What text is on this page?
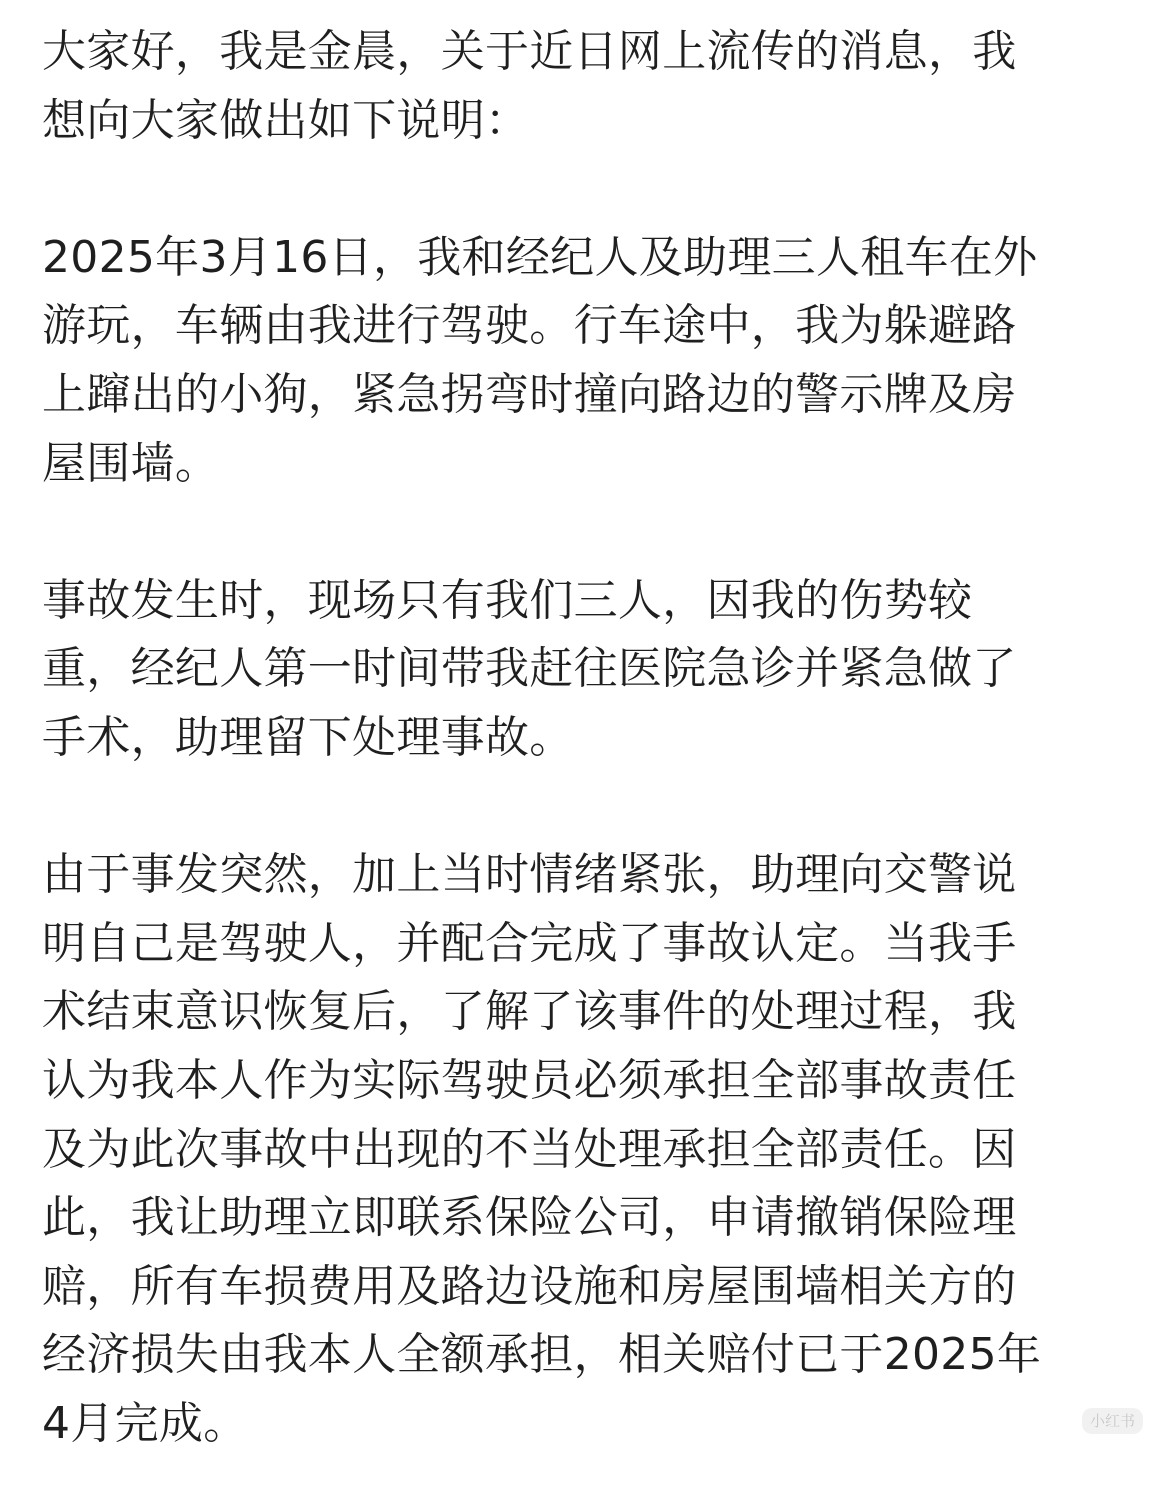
大家好，我是金晨，关于近日网上流传的消息，我
想向大家做出如下说明：

2025年3月16日，我和经纪人及助理三人租车在外
游玩，车辆由我进行驾驶。行车途中，我为躲避路
上蹿出的小狗，紧急拐弯时撞向路边的警示牌及房
屋围墙。

事故发生时，现场只有我们三人，因我的伤势较
重，经纪人第一时间带我赶往医院急诊并紧急做了
手术，助理留下处理事故。

由于事发突然，加上当时情绪紧张，助理向交警说
明自己是驾驶人，并配合完成了事故认定。当我手
术结束意识恢复后，了解了该事件的处理过程，我
认为我本人作为实际驾驶员必须承担全部事故责任
及为此次事故中出现的不当处理承担全部责任。因
此，我让助理立即联系保险公司，申请撤销保险理
赔，所有车损费用及路边设施和房屋围墙相关方的
经济损失由我本人全额承担，相关赔付已于2025年
4月完成。	小红书
